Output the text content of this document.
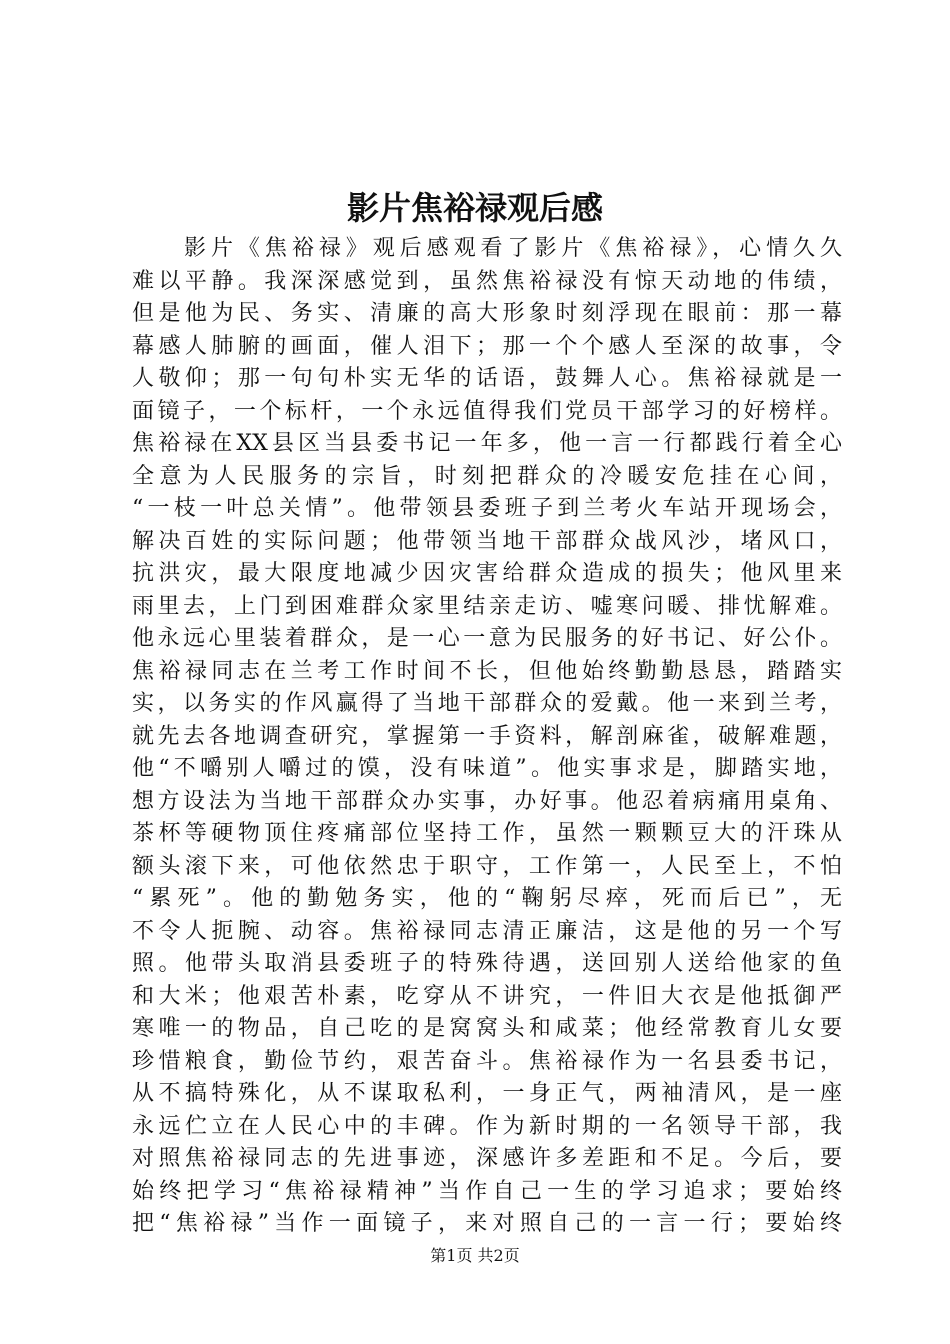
影片焦裕禄观后感
影片《焦裕禄》观后感观看了影片《焦裕禄》，心情久久
难以平静。我深深感觉到，虽然焦裕禄没有惊天动地的伟绩，
但是他为民、务实、清廉的高大形象时刻浮现在眼前：那一幕
幕感人肺腑的画面，催人泪下；那一个个感人至深的故事，令
人敬仰；那一句句朴实无华的话语，鼓舞人心。焦裕禄就是一
面镜子，一个标杆，一个永远值得我们党员干部学习的好榜样。
焦裕禄在XX县区当县委书记一年多，他一言一行都践行着全心
全意为人民服务的宗旨，时刻把群众的冷暖安危挂在心间，
“一枝一叶总关情”。他带领县委班子到兰考火车站开现场会，
解决百姓的实际问题；他带领当地干部群众战风沙，堵风口，
抗洪灾，最大限度地减少因灾害给群众造成的损失；他风里来
雨里去，上门到困难群众家里结亲走访、嘘寒问暖、排忧解难。
他永远心里装着群众，是一心一意为民服务的好书记、好公仆。
焦裕禄同志在兰考工作时间不长，但他始终勤勤恳恳，踏踏实
实，以务实的作风赢得了当地干部群众的爱戴。他一来到兰考，
就先去各地调查研究，掌握第一手资料，解剖麻雀，破解难题，
他“不嚼别人嚼过的馍，没有味道”。他实事求是，脚踏实地，
想方设法为当地干部群众办实事，办好事。他忍着病痛用桌角、
茶杯等硬物顶住疼痛部位坚持工作，虽然一颗颗豆大的汗珠从
额头滚下来，可他依然忠于职守，工作第一，人民至上，不怕
“累死”。他的勤勉务实，他的“鞠躬尽瘁，死而后已”，无
不令人扼腕、动容。焦裕禄同志清正廉洁，这是他的另一个写
照。他带头取消县委班子的特殊待遇，送回别人送给他家的鱼
和大米；他艰苦朴素，吃穿从不讲究，一件旧大衣是他抵御严
寒唯一的物品，自己吃的是窝窝头和咸菜；他经常教育儿女要
珍惜粮食，勤俭节约，艰苦奋斗。焦裕禄作为一名县委书记，
从不搞特殊化，从不谋取私利，一身正气，两袖清风，是一座
永远伫立在人民心中的丰碑。作为新时期的一名领导干部，我
对照焦裕禄同志的先进事迹，深感许多差距和不足。今后，要
始终把学习“焦裕禄精神”当作自己一生的学习追求；要始终
把“焦裕禄”当作一面镜子，来对照自己的一言一行；要始终
第1页 共2页
